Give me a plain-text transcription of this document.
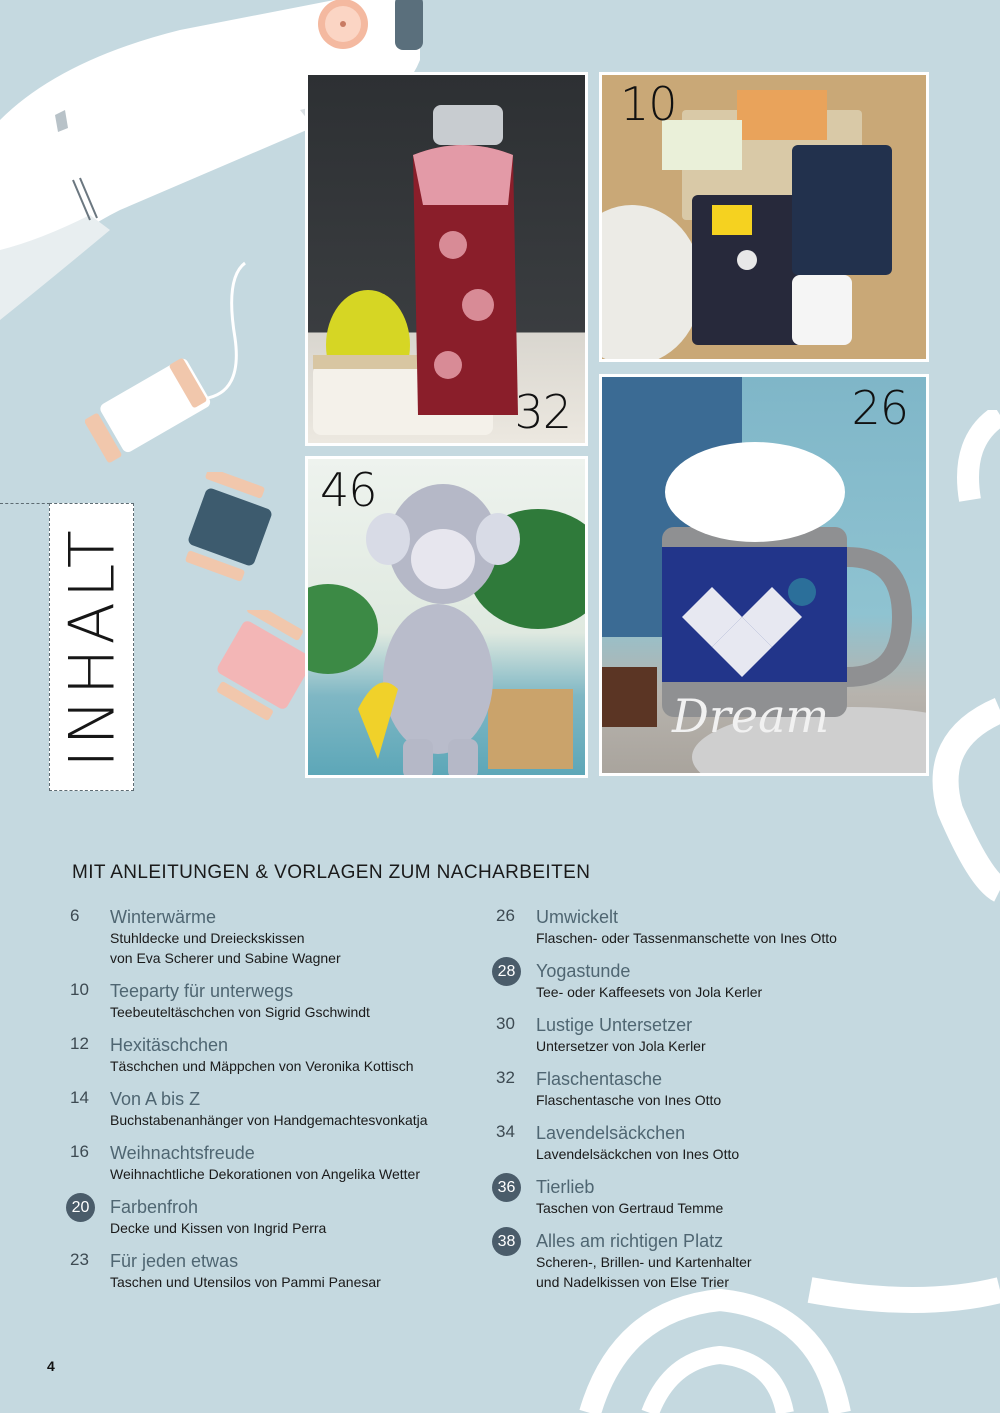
32
10
46
Dream
26
INHALT
MIT ANLEITUNGEN & VORLAGEN ZUM NACHARBEITEN
6	Winterwärme
Stuhldecke und Dreieckskissen
von Eva Scherer und Sabine Wagner
10	Teeparty für unterwegs
Teebeuteltäschchen von Sigrid Gschwindt
12	Hexitäschchen
Täschchen und Mäppchen von Veronika Kottisch
14	Von A bis Z
Buchstabenanhänger von Handgemachtesvonkatja
16	Weihnachtsfreude
Weihnachtliche Dekorationen von Angelika Wetter
20	Farbenfroh
Decke und Kissen von Ingrid Perra
23	Für jeden etwas
Taschen und Utensilos von Pammi Panesar
26	Umwickelt
Flaschen- oder Tassenmanschette von Ines Otto
28	Yogastunde
Tee- oder Kaffeesets von Jola Kerler
30	Lustige Untersetzer
Untersetzer von Jola Kerler
32	Flaschentasche
Flaschentasche von Ines Otto
34	Lavendelsäckchen
Lavendelsäckchen von Ines Otto
36	Tierlieb
Taschen von Gertraud Temme
38	Alles am richtigen Platz
Scheren-, Brillen- und Kartenhalter
und Nadelkissen von Else Trier
4
